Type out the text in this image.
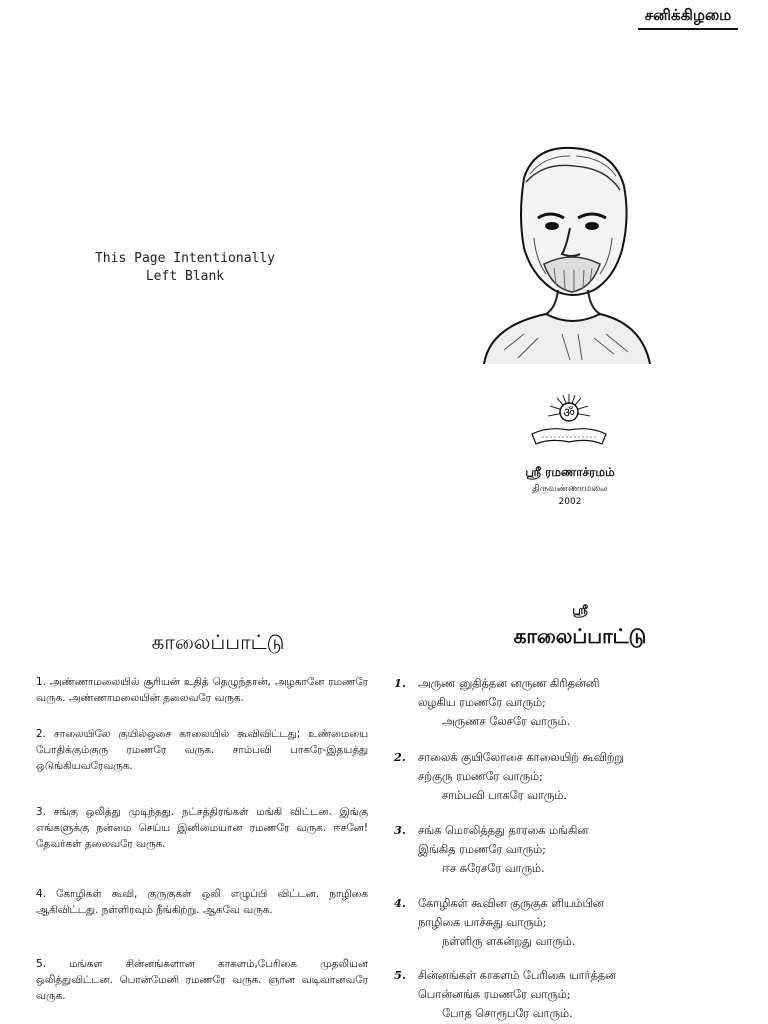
சனிக்கிழமை
This Page Intentionally
Left Blank
ॐ
ஸ்ரீ ரமணாச்ரமம்
திருவண்ணாமலை
2002
காலைப்பாட்டு
1. அண்ணாமலையில் சூரியன் உதித் தெழுந்தான், அழகானே ரமணரே வருக. அண்ணாமலையின் தலைவரே வருக.
2. சாலையிலே குயில்ஒசை காலையில் கூவிவிட்டது; உண்மையை போதிக்கும்குரு ரமணரே வருக. சாம்பவி பாகரே-இதயத்து ஒடுங்கியவரேவருக.
3. சங்கு ஒலித்து முடிந்தது. நட்சத்திரங்கள் மங்கி விட்டன. இங்கு எங்களுக்கு நன்மை செய்ய இனிமையான ரமணரே வருக. ஈசனே! தேவர்கள் தலைவரே வருக.
4. கோழிகள் கூவி, குருகுகள் ஒலி எழுப்பி விட்டன. நாழிகை ஆகிவிட்டது. நள்ளிரவும் நீங்கிற்று. ஆகவே வருக.
5. மங்கள சின்னங்களான காகளம்,பேரிகை முதலியன ஒலித்துவிட்டன. பொன்மேனி ரமணரே வருக. ஞான வடிவானவரே வருக.
ஸ்ரீ
காலைப்பாட்டு
1. அருண னுதித்தன னருண கிரிதன்னி
லழகிய ரமணரே வாரும்;
அருணச லேசரே வாரும்.
2. சாலைக் குயிலோசை காலையிற் கூவிற்று
சற்குரு ரமணரே வாரும்;
சாம்பவி பாகரே வாரும்.
3. சங்க மொலித்தது தாரகை மங்கின
இங்கித ரமணரே வாரும்;
ஈச சுரேசரே வாரும்.
4. கோழிகள் கூவின குருகுக ளியம்பின
நாழிகை யாச்சுது வாரும்;
நள்ளிரு ளகன்றது வாரும்.
5. சின்னங்கள் காகளம் பேரிகை யார்த்தன
பொன்னங்க ரமணரே வாரும்;
போத சொரூபரே வாரும்.
